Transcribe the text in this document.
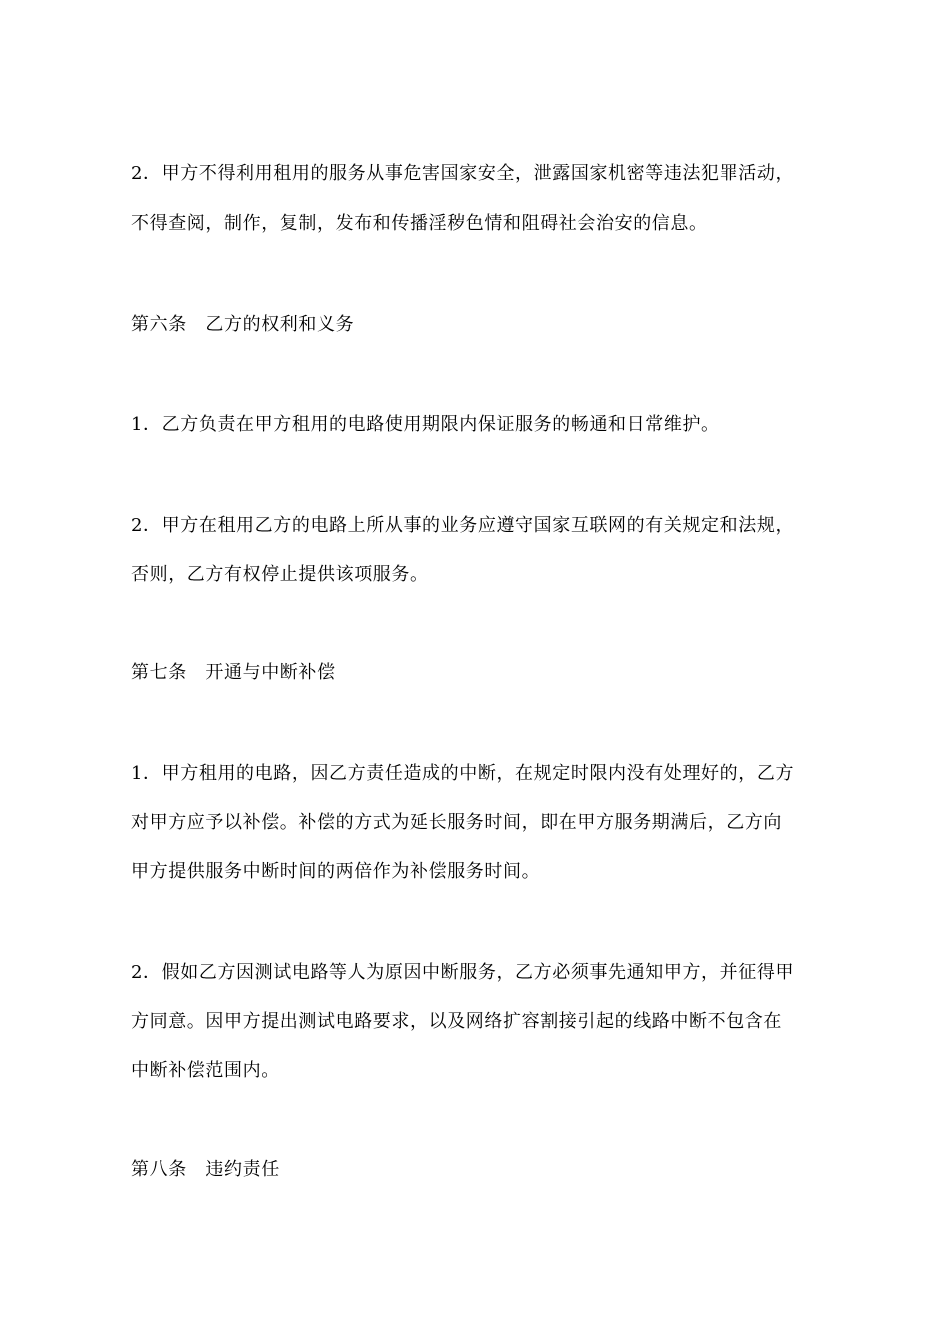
2．甲方不得利用租用的服务从事危害国家安全，泄露国家机密等违法犯罪活动，
不得查阅，制作，复制，发布和传播淫秽色情和阻碍社会治安的信息。
第六条　乙方的权利和义务
1．乙方负责在甲方租用的电路使用期限内保证服务的畅通和日常维护。
2．甲方在租用乙方的电路上所从事的业务应遵守国家互联网的有关规定和法规，
否则，乙方有权停止提供该项服务。
第七条　开通与中断补偿
1．甲方租用的电路，因乙方责任造成的中断，在规定时限内没有处理好的，乙方
对甲方应予以补偿。补偿的方式为延长服务时间，即在甲方服务期满后，乙方向
甲方提供服务中断时间的两倍作为补偿服务时间。
2．假如乙方因测试电路等人为原因中断服务，乙方必须事先通知甲方，并征得甲
方同意。因甲方提出测试电路要求，以及网络扩容割接引起的线路中断不包含在
中断补偿范围内。
第八条　违约责任
